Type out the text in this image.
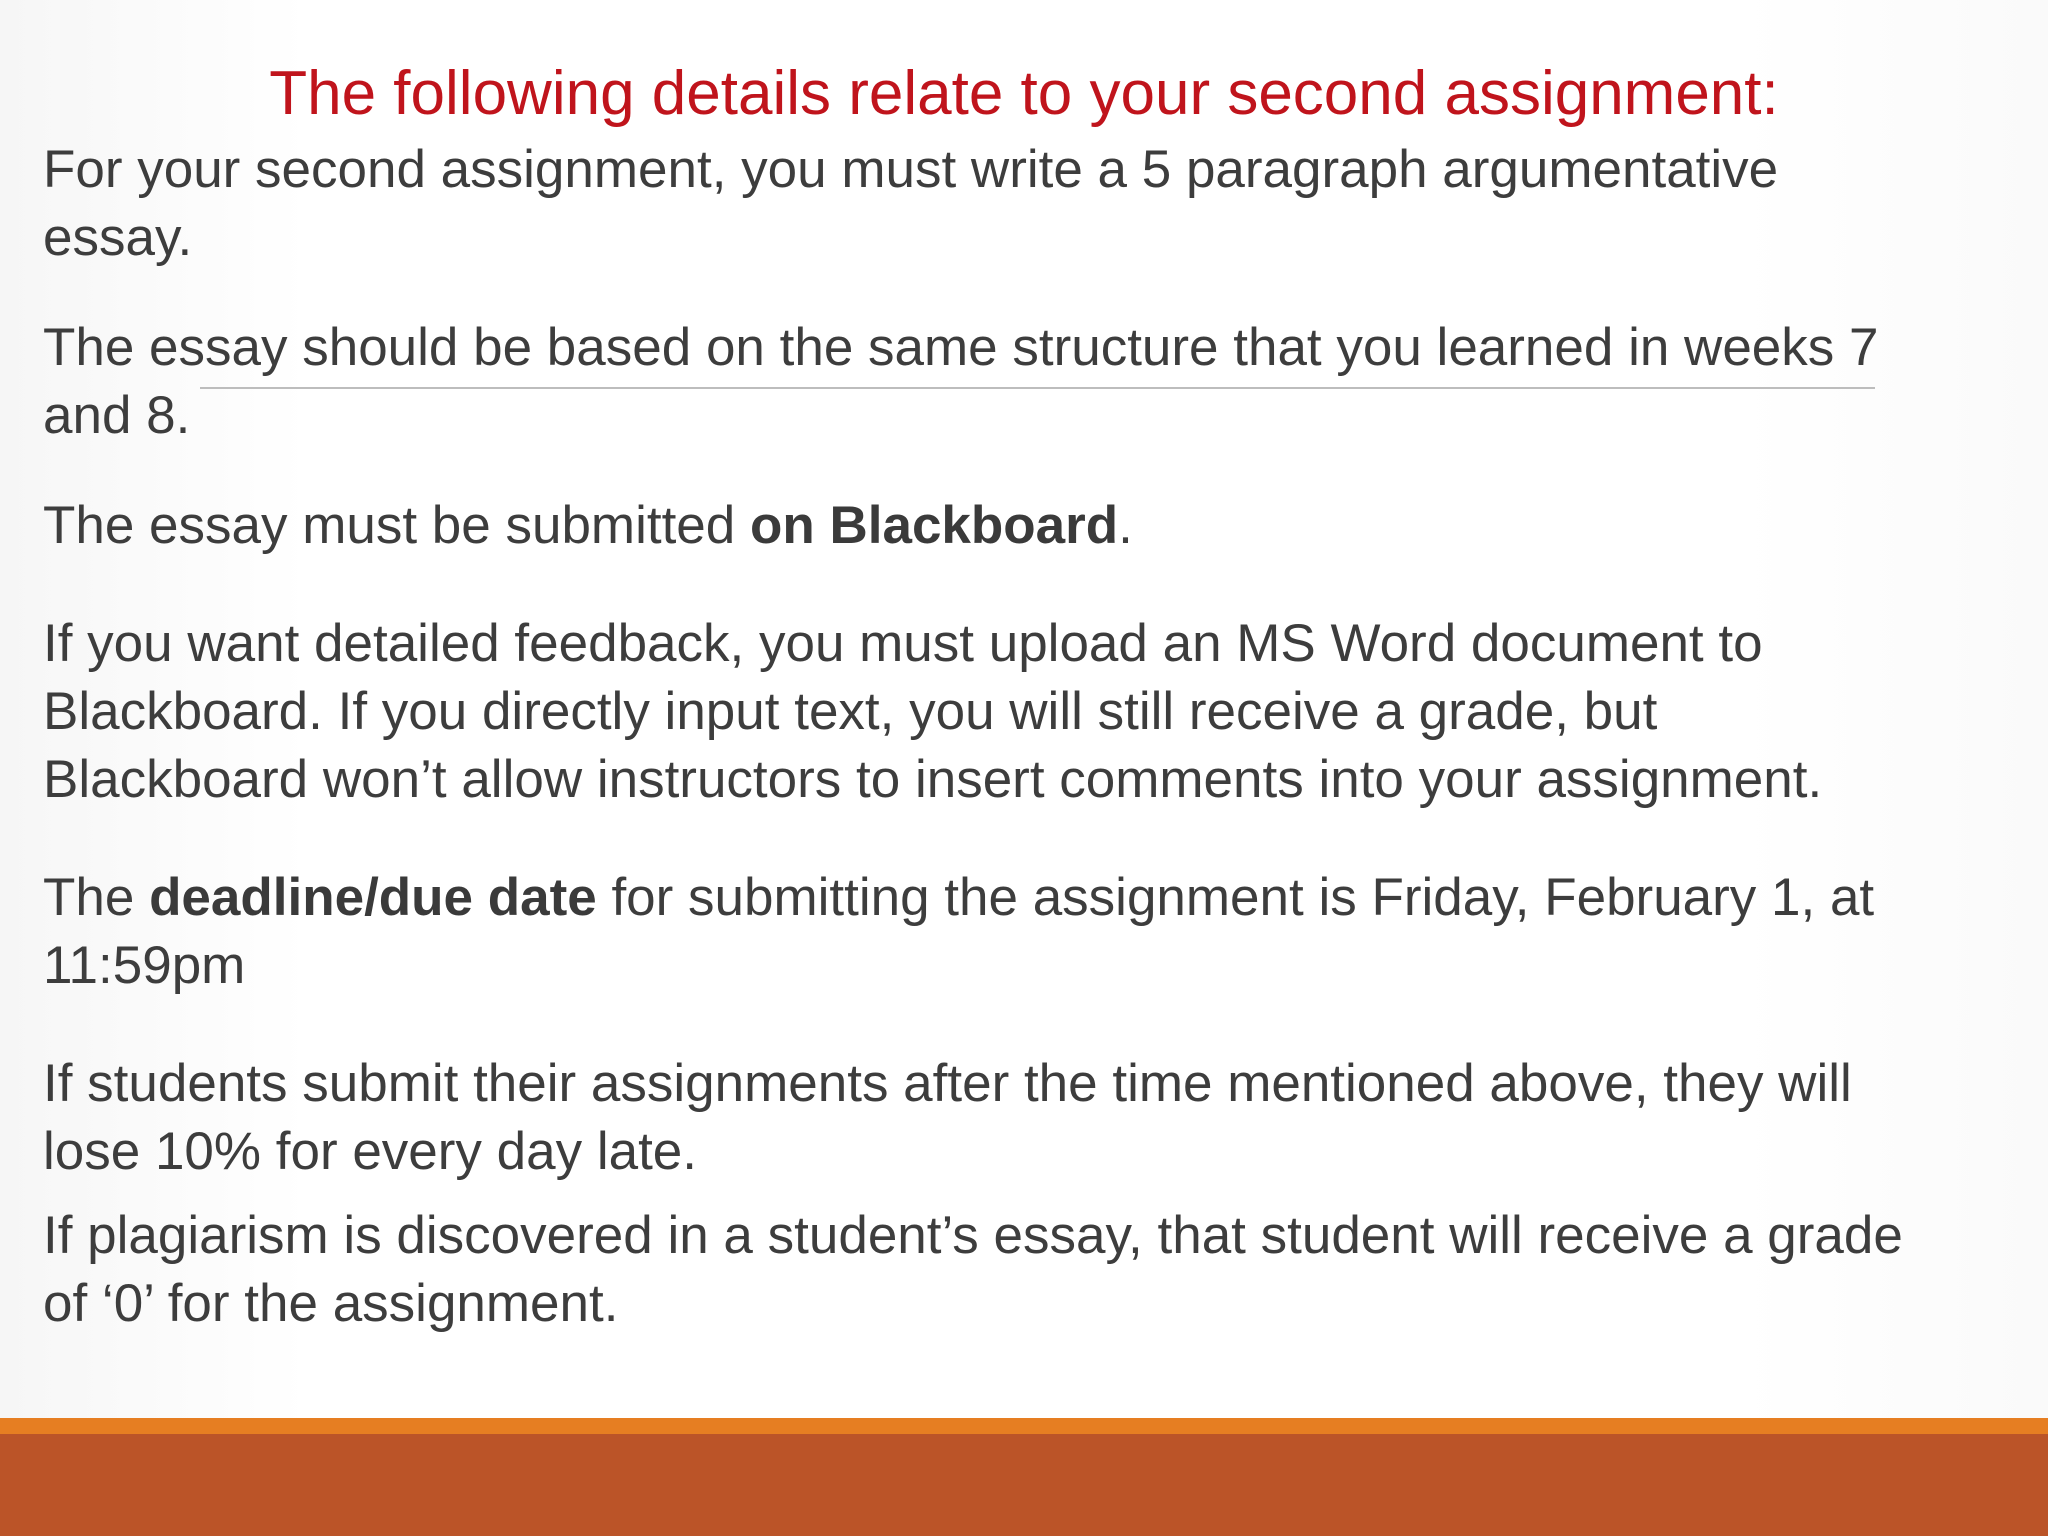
The following details relate to your second assignment:

For your second assignment, you must write a 5 paragraph argumentative
essay.

The essay should be based on the same structure that you learned in weeks 7
and 8.

The essay must be submitted on Blackboard.

If you want detailed feedback, you must upload an MS Word document to
Blackboard. If you directly input text, you will still receive a grade, but
Blackboard won’t allow instructors to insert comments into your assignment.

The deadline/due date for submitting the assignment is Friday, February 1, at
11:59pm

If students submit their assignments after the time mentioned above, they will
lose 10% for every day late.

If plagiarism is discovered in a student’s essay, that student will receive a grade
of ‘0’ for the assignment.
